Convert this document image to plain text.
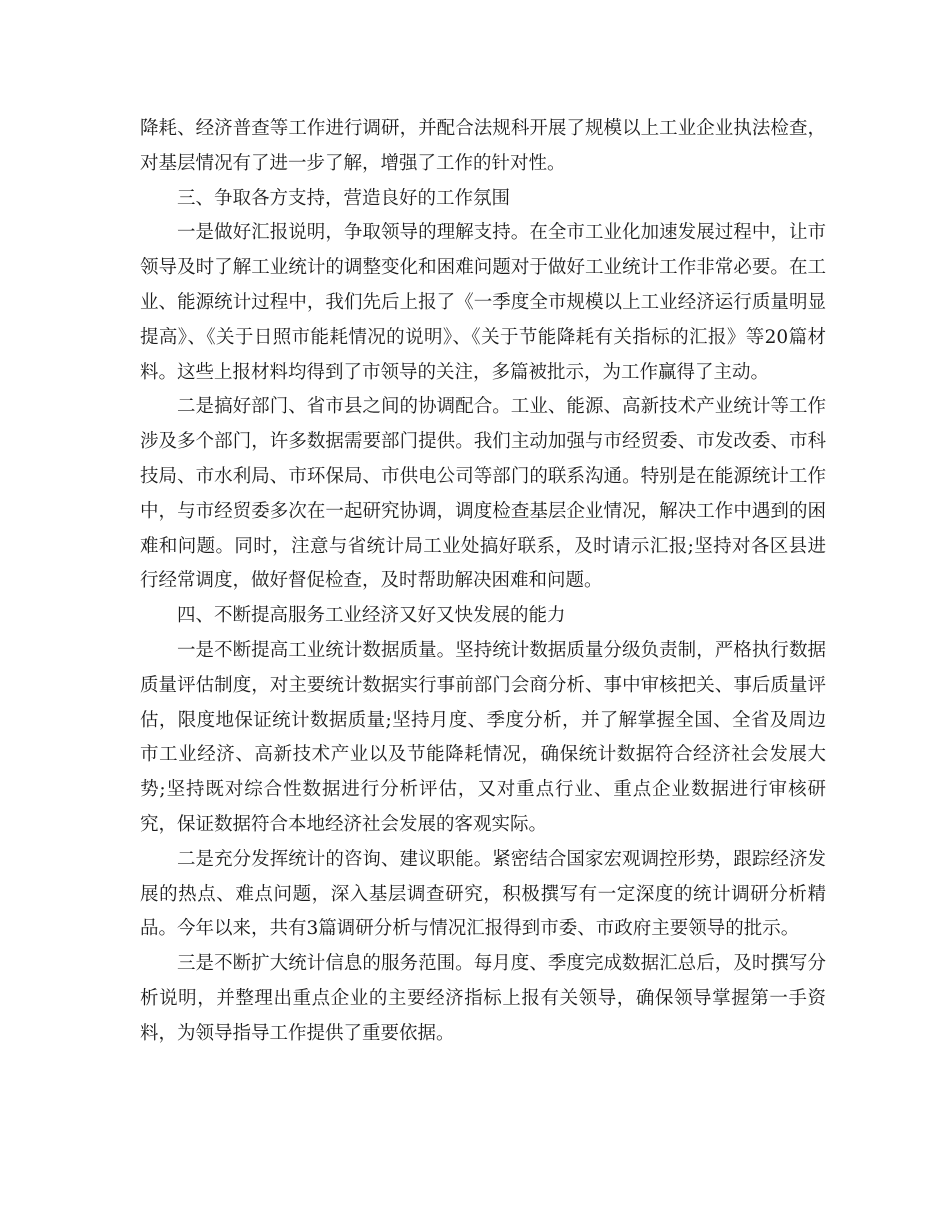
降耗、经济普查等工作进行调研，并配合法规科开展了规模以上工业企业执法检查，对基层情况有了进一步了解，增强了工作的针对性。

三、争取各方支持，营造良好的工作氛围

一是做好汇报说明，争取领导的理解支持。在全市工业化加速发展过程中，让市领导及时了解工业统计的调整变化和困难问题对于做好工业统计工作非常必要。在工业、能源统计过程中，我们先后上报了《一季度全市规模以上工业经济运行质量明显提高》、《关于日照市能耗情况的说明》、《关于节能降耗有关指标的汇报》等20篇材料。这些上报材料均得到了市领导的关注，多篇被批示，为工作赢得了主动。

二是搞好部门、省市县之间的协调配合。工业、能源、高新技术产业统计等工作涉及多个部门，许多数据需要部门提供。我们主动加强与市经贸委、市发改委、市科技局、市水利局、市环保局、市供电公司等部门的联系沟通。特别是在能源统计工作中，与市经贸委多次在一起研究协调，调度检查基层企业情况，解决工作中遇到的困难和问题。同时，注意与省统计局工业处搞好联系，及时请示汇报;坚持对各区县进行经常调度，做好督促检查，及时帮助解决困难和问题。

四、不断提高服务工业经济又好又快发展的能力

一是不断提高工业统计数据质量。坚持统计数据质量分级负责制，严格执行数据质量评估制度，对主要统计数据实行事前部门会商分析、事中审核把关、事后质量评估，限度地保证统计数据质量;坚持月度、季度分析，并了解掌握全国、全省及周边市工业经济、高新技术产业以及节能降耗情况，确保统计数据符合经济社会发展大势;坚持既对综合性数据进行分析评估，又对重点行业、重点企业数据进行审核研究，保证数据符合本地经济社会发展的客观实际。

二是充分发挥统计的咨询、建议职能。紧密结合国家宏观调控形势，跟踪经济发展的热点、难点问题，深入基层调查研究，积极撰写有一定深度的统计调研分析精品。今年以来，共有3篇调研分析与情况汇报得到市委、市政府主要领导的批示。

三是不断扩大统计信息的服务范围。每月度、季度完成数据汇总后，及时撰写分析说明，并整理出重点企业的主要经济指标上报有关领导，确保领导掌握第一手资料，为领导指导工作提供了重要依据。
